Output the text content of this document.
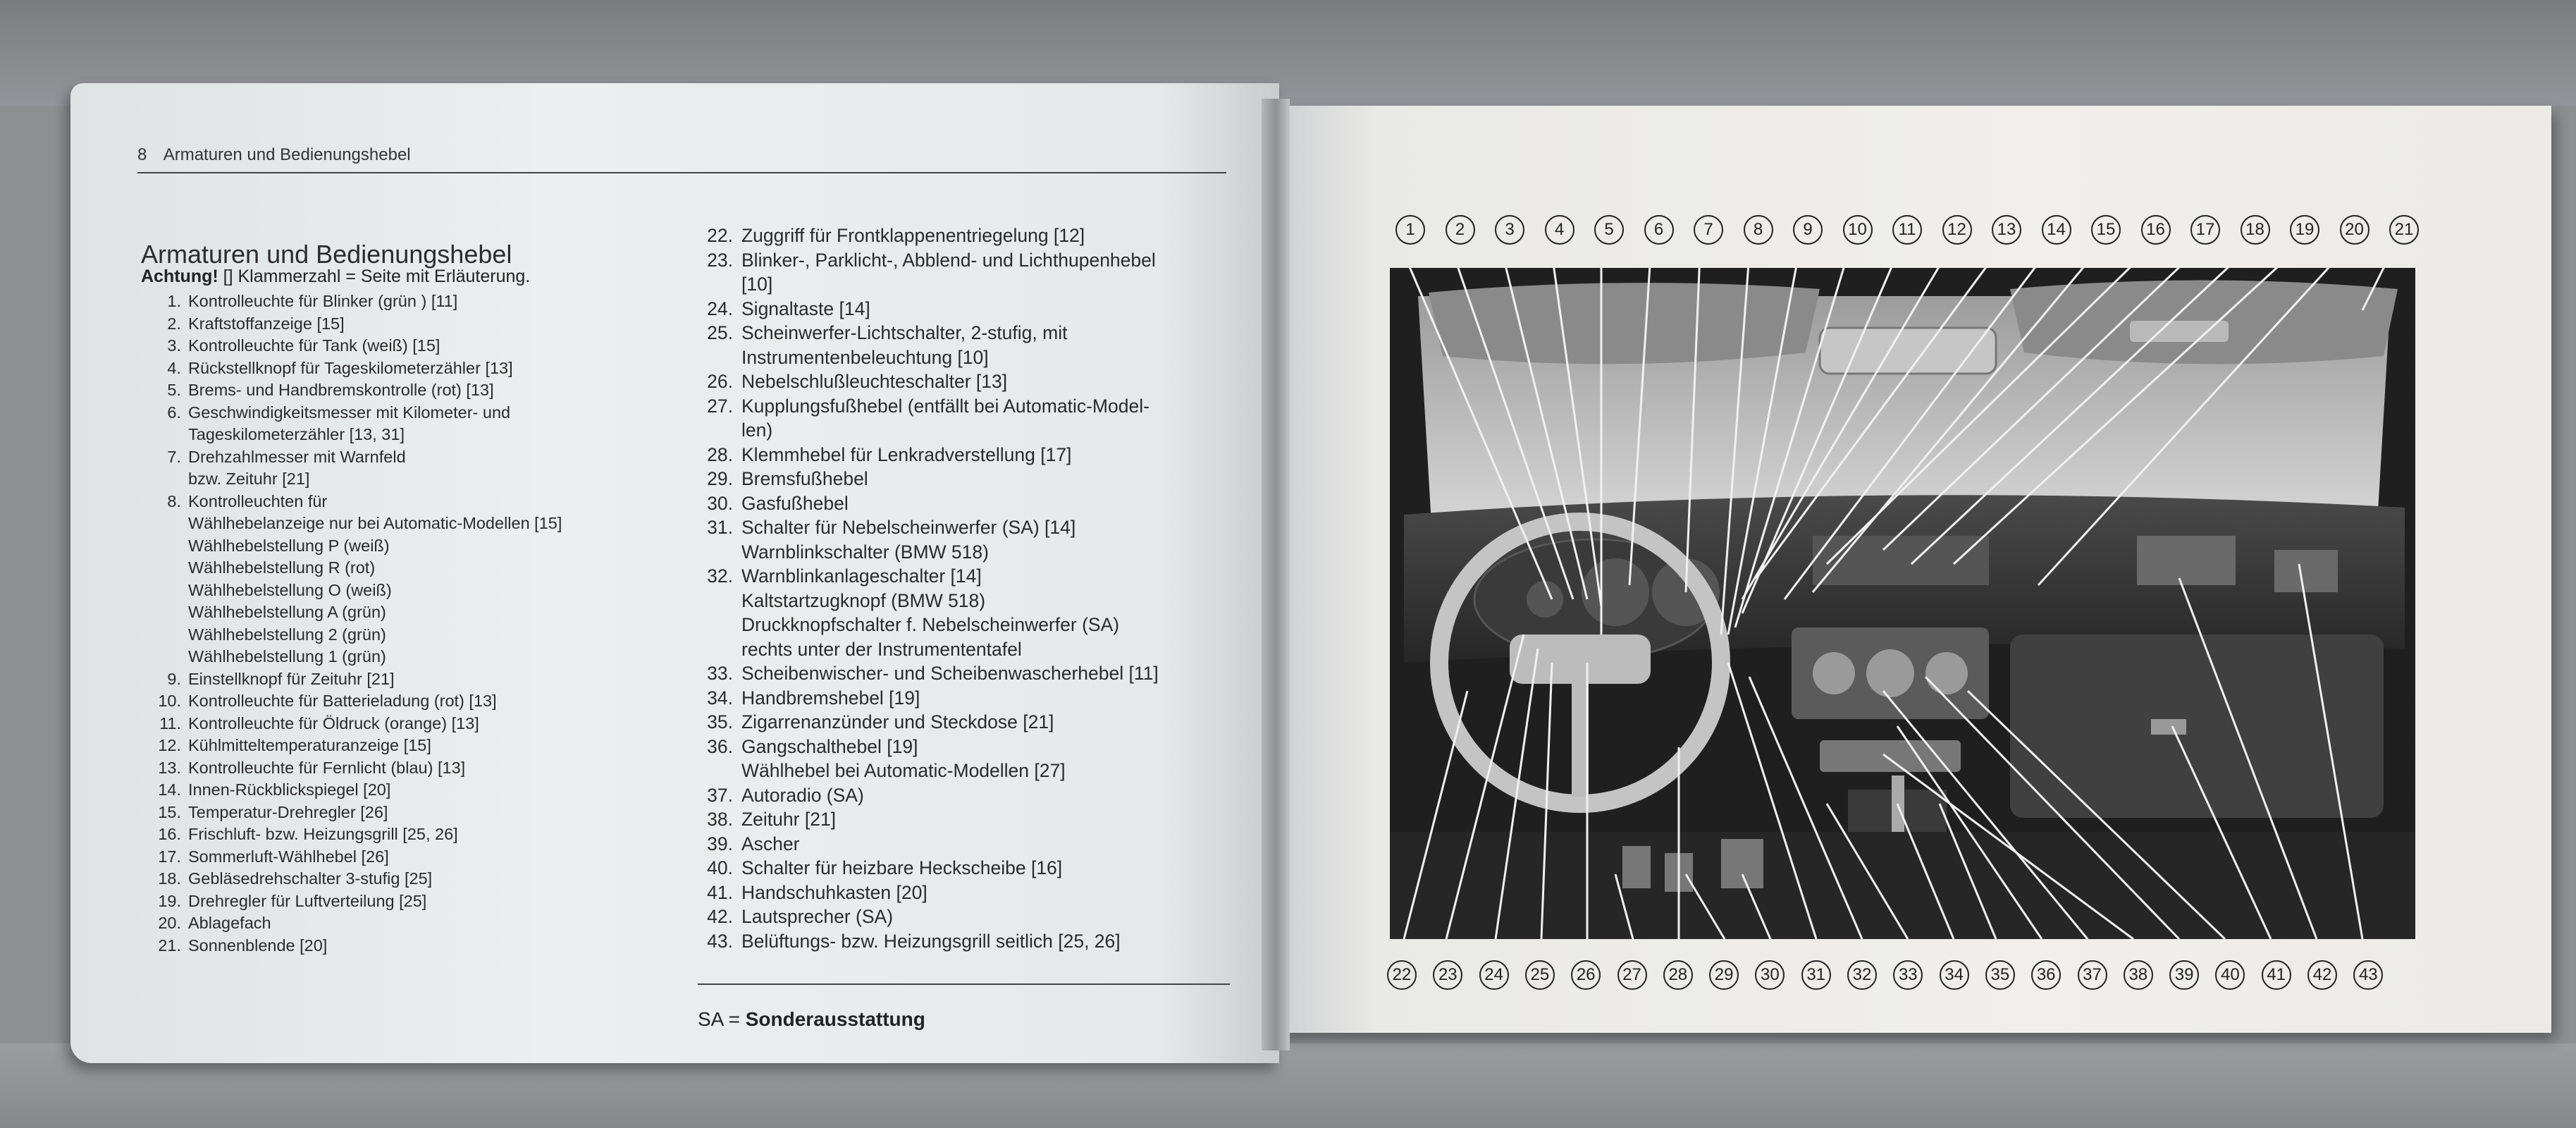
8 Armaturen und Bedienungshebel
Armaturen und Bedienungshebel
Achtung! [] Klammerzahl = Seite mit Erläuterung.
1. Kontrolleuchte für Blinker (grün ) [11]
2. Kraftstoffanzeige [15]
3. Kontrolleuchte für Tank (weiß) [15]
4. Rückstellknopf für Tageskilometerzähler [13]
5. Brems- und Handbremskontrolle (rot) [13]
6. Geschwindigkeitsmesser mit Kilometer- und
Tageskilometerzähler [13, 31]
7. Drehzahlmesser mit Warnfeld
bzw. Zeituhr [21]
8. Kontrolleuchten für
Wählhebelanzeige nur bei Automatic-Modellen [15]
Wählhebelstellung P (weiß)
Wählhebelstellung R (rot)
Wählhebelstellung O (weiß)
Wählhebelstellung A (grün)
Wählhebelstellung 2 (grün)
Wählhebelstellung 1 (grün)
9. Einstellknopf für Zeituhr [21]
10. Kontrolleuchte für Batterieladung (rot) [13]
11. Kontrolleuchte für Öldruck (orange) [13]
12. Kühlmitteltemperaturanzeige [15]
13. Kontrolleuchte für Fernlicht (blau) [13]
14. Innen-Rückblickspiegel [20]
15. Temperatur-Drehregler [26]
16. Frischluft- bzw. Heizungsgrill [25, 26]
17. Sommerluft-Wählhebel [26]
18. Gebläsedrehschalter 3-stufig [25]
19. Drehregler für Luftverteilung [25]
20. Ablagefach
21. Sonnenblende [20]
22. Zuggriff für Frontklappenentriegelung [12]
23. Blinker-, Parklicht-, Abblend- und Lichthupenhebel
[10]
24. Signaltaste [14]
25. Scheinwerfer-Lichtschalter, 2-stufig, mit
Instrumentenbeleuchtung [10]
26. Nebelschlußleuchteschalter [13]
27. Kupplungsfußhebel (entfällt bei Automatic-Model-
len)
28. Klemmhebel für Lenkradverstellung [17]
29. Bremsfußhebel
30. Gasfußhebel
31. Schalter für Nebelscheinwerfer (SA) [14]
Warnblinkschalter (BMW 518)
32. Warnblinkanlageschalter [14]
Kaltstartzugknopf (BMW 518)
Druckknopfschalter f. Nebelscheinwerfer (SA)
rechts unter der Instrumententafel
33. Scheibenwischer- und Scheibenwascherhebel [11]
34. Handbremshebel [19]
35. Zigarrenanzünder und Steckdose [21]
36. Gangschalthebel [19]
Wählhebel bei Automatic-Modellen [27]
37. Autoradio (SA)
38. Zeituhr [21]
39. Ascher
40. Schalter für heizbare Heckscheibe [16]
41. Handschuhkasten [20]
42. Lautsprecher (SA)
43. Belüftungs- bzw. Heizungsgrill seitlich [25, 26]
SA = Sonderausstattung
1	2	3	4	5	6	7	8	9	10	11	12	13	14	15	16	17	18	19	20	21
22	23	24	25	26	27	28	29	30	31	32	33	34	35	36	37	38	39	40	41	42	43
